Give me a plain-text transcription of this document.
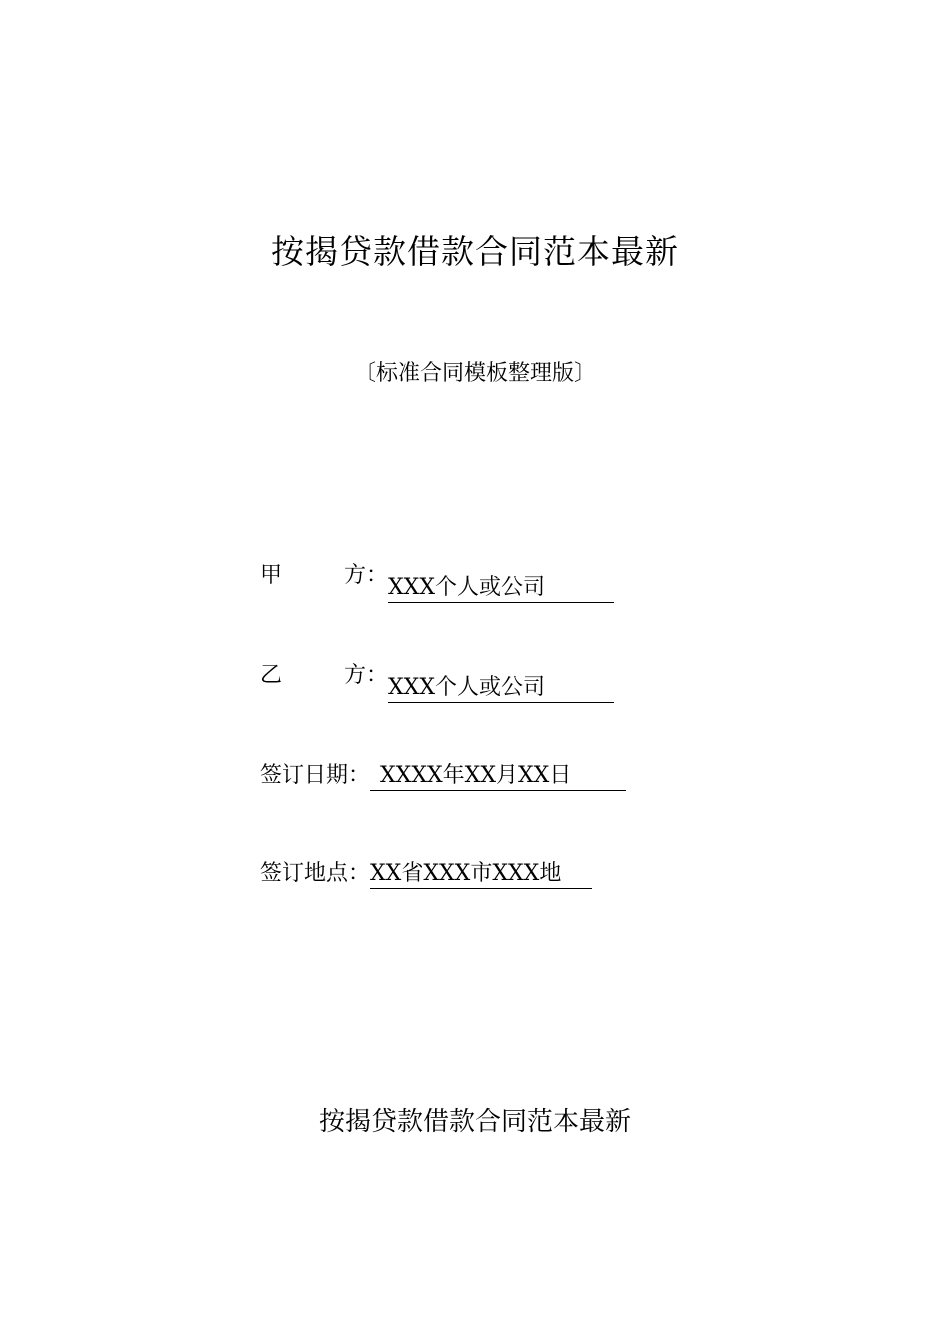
按揭贷款借款合同范本最新
〔标准合同模板整理版〕
甲	方： XXX个人或公司
乙	方： XXX个人或公司
签订日期： XXXX年XX月XX日
签订地点：XX省XXX市XXX地
按揭贷款借款合同范本最新
